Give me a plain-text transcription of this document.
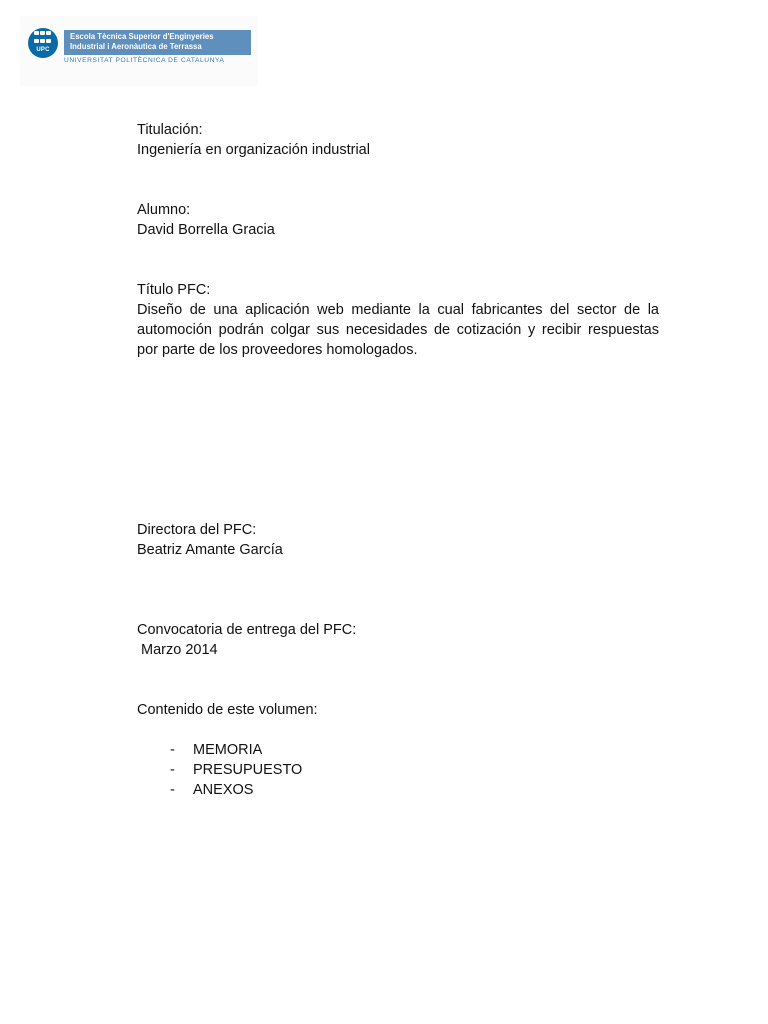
UPC
Escola Tècnica Superior d'Enginyeries
Industrial i Aeronàutica de Terrassa
UNIVERSITAT POLITÈCNICA DE CATALUNYA
Titulación:
Ingeniería en organización industrial
Alumno:
David Borrella Gracia
Título PFC:
Diseño de una aplicación web mediante la cual fabricantes del sector de la automoción podrán colgar sus necesidades de cotización y recibir respuestas por parte de los proveedores homologados.
Directora del PFC:
Beatriz Amante García
Convocatoria de entrega del PFC:
Marzo 2014
Contenido de este volumen:
- MEMORIA
- PRESUPUESTO
- ANEXOS
